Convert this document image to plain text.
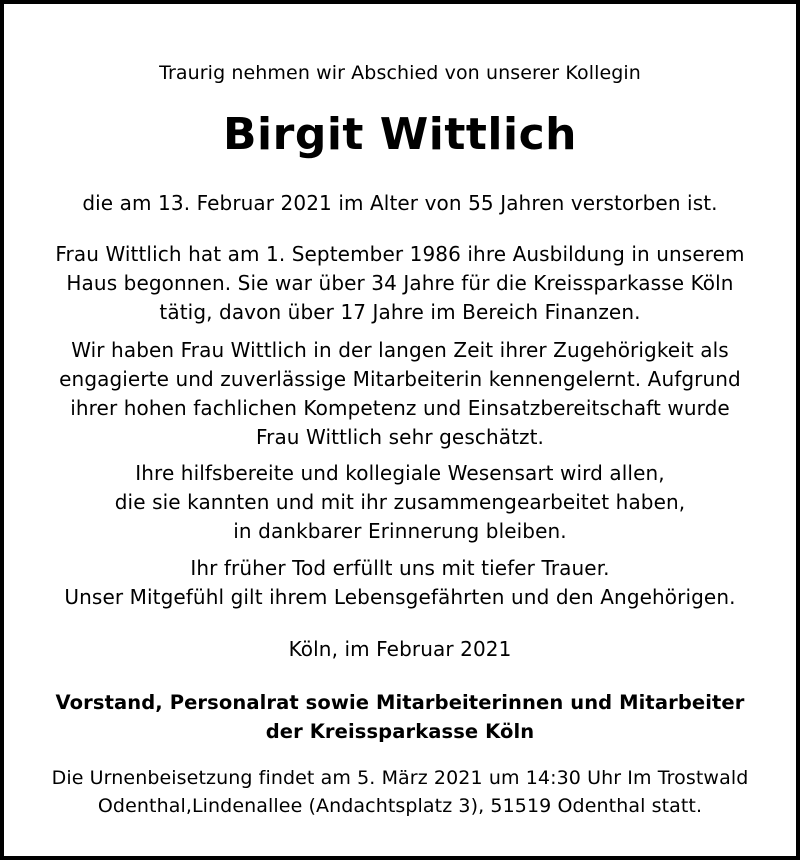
Traurig nehmen wir Abschied von unserer Kollegin
Birgit Wittlich
die am 13. Februar 2021 im Alter von 55 Jahren verstorben ist.
Frau Wittlich hat am 1. September 1986 ihre Ausbildung in unserem
Haus begonnen. Sie war über 34 Jahre für die Kreissparkasse Köln
tätig, davon über 17 Jahre im Bereich Finanzen.
Wir haben Frau Wittlich in der langen Zeit ihrer Zugehörigkeit als
engagierte und zuverlässige Mitarbeiterin kennengelernt. Aufgrund
ihrer hohen fachlichen Kompetenz und Einsatzbereitschaft wurde
Frau Wittlich sehr geschätzt.
Ihre hilfsbereite und kollegiale Wesensart wird allen,
die sie kannten und mit ihr zusammengearbeitet haben,
in dankbarer Erinnerung bleiben.
Ihr früher Tod erfüllt uns mit tiefer Trauer.
Unser Mitgefühl gilt ihrem Lebensgefährten und den Angehörigen.
Köln, im Februar 2021
Vorstand, Personalrat sowie Mitarbeiterinnen und Mitarbeiter
der Kreissparkasse Köln
Die Urnenbeisetzung findet am 5. März 2021 um 14:30 Uhr Im Trostwald
Odenthal,Lindenallee (Andachtsplatz 3), 51519 Odenthal statt.
